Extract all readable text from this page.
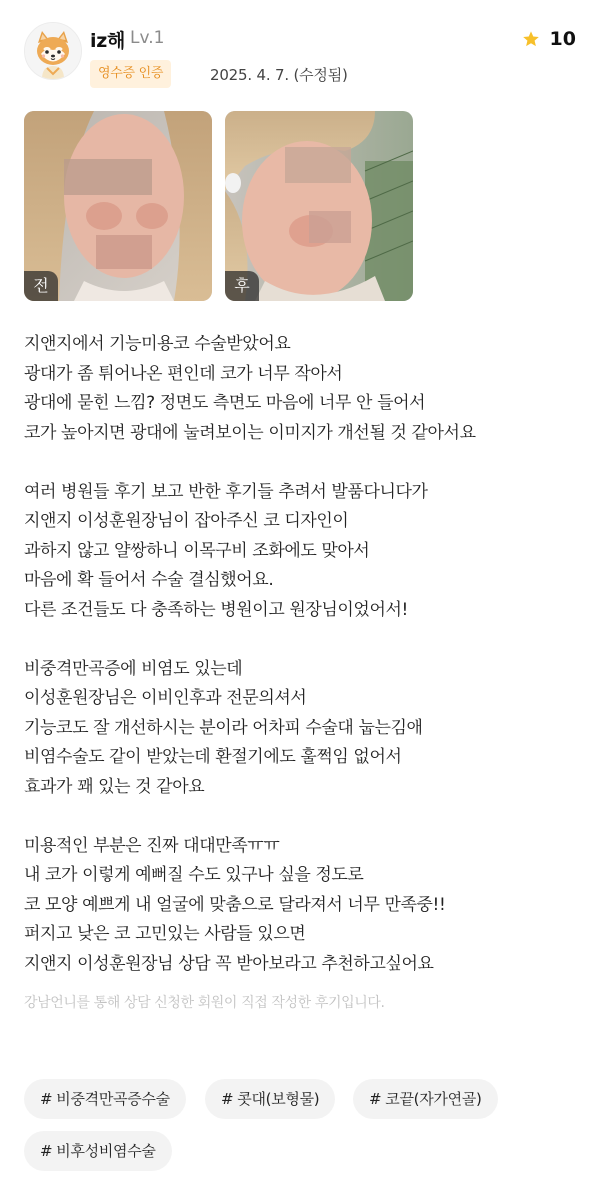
iz해 Lv.1
영수증 인증	2025. 4. 7. (수정됨)
10
전	후

지앤지에서 기능미용코 수술받았어요

광대가 좀 튀어나온 편인데 코가 너무 작아서

광대에 묻힌 느낌? 정면도 측면도 마음에 너무 안 들어서

코가 높아지면 광대에 눌려보이는 이미지가 개선될 것 같아서요

여러 병원들 후기 보고 반한 후기들 추려서 발품다니다가

지앤지 이성훈원장님이 잡아주신 코 디자인이

과하지 않고 얄쌍하니 이목구비 조화에도 맞아서

마음에 확 들어서 수술 결심했어요.

다른 조건들도 다 충족하는 병원이고 원장님이었어서!

비중격만곡증에 비염도 있는데

이성훈원장님은 이비인후과 전문의셔서

기능코도 잘 개선하시는 분이라 어차피 수술대 눕는김애

비염수술도 같이 받았는데 환절기에도 훌쩍임 없어서

효과가 꽤 있는 것 같아요

미용적인 부분은 진짜 대대만족ㅠㅠ

내 코가 이렇게 예뻐질 수도 있구나 싶을 정도로

코 모양 예쁘게 내 얼굴에 맞춤으로 달라져서 너무 만족중!!

퍼지고 낮은 코 고민있는 사람들 있으면

지앤지 이성훈원장님 상담 꼭 받아보라고 추천하고싶어요

강남언니를 통해 상담 신청한 회원이 직접 작성한 후기입니다.
# 비중격만곡증수술	# 콧대(보형물)	# 코끝(자가연골)
# 비후성비염수술
